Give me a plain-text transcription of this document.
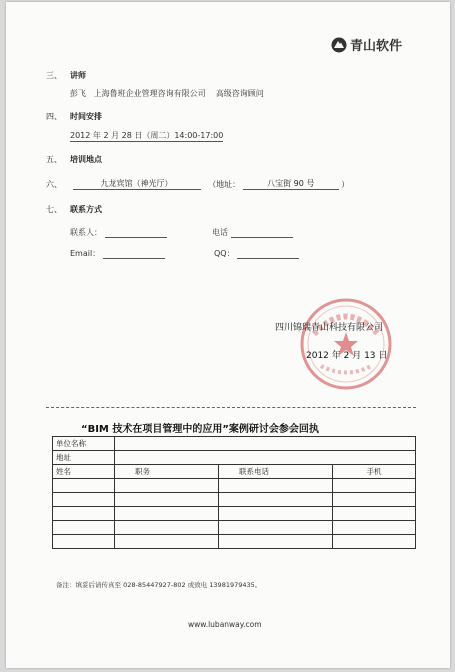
青山软件
三、 讲师
彭飞 上海鲁班企业管理咨询有限公司 高级咨询顾问
四、 时间安排
2012 年 2 月 28 日（周二）14:00-17:00
五、 培训地点
六、	九龙宾馆（神光厅）	（地址：	八宝街 90 号	）
七、 联系方式
联系人：	电话
Email：	QQ：
四川锦瑞青山科技有限公司
2012 年 2 月 13 日
“BIM 技术在项目管理中的应用”案例研讨会参会回执
单位名称			
地址			
姓名	职务	联系电话	手机

备注：填妥后请传真至 028-85447927-802 或致电 13981979435。
www.lubanway.com
